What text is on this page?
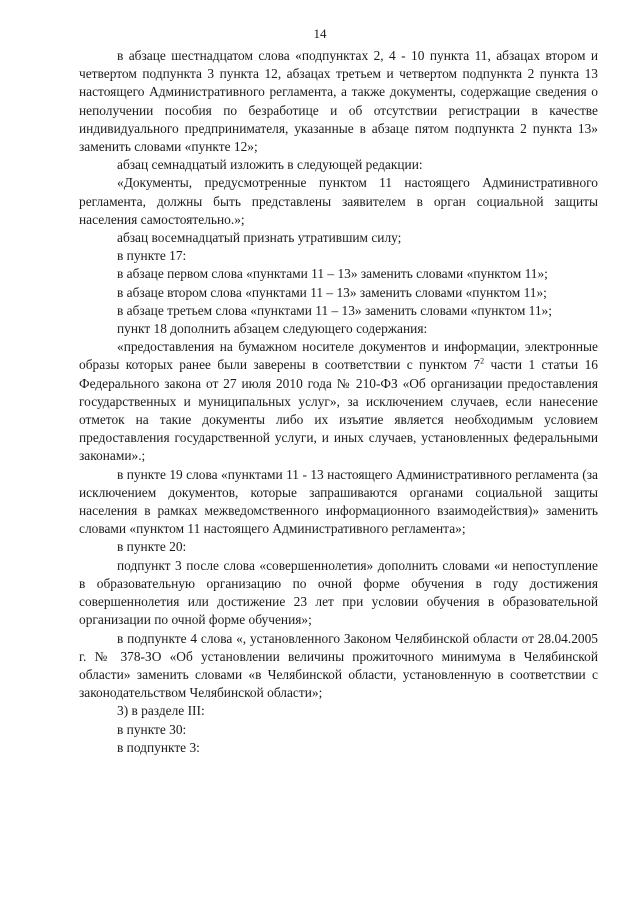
14

в абзаце шестнадцатом слова «подпунктах 2, 4 - 10 пункта 11, абзацах втором и четвертом подпункта 3 пункта 12, абзацах третьем и четвертом подпункта 2 пункта 13 настоящего Административного регламента, а также документы, содержащие сведения о неполучении пособия по безработице и об отсутствии регистрации в качестве индивидуального предпринимателя, указанные в абзаце пятом подпункта 2 пункта 13» заменить словами «пункте 12»;

абзац семнадцатый изложить в следующей редакции:

«Документы, предусмотренные пунктом 11 настоящего Административного регламента, должны быть представлены заявителем в орган социальной защиты населения самостоятельно.»;

абзац восемнадцатый признать утратившим силу;

в пункте 17:

в абзаце первом слова «пунктами 11 – 13» заменить словами «пунктом 11»;

в абзаце втором слова «пунктами 11 – 13» заменить словами «пунктом 11»;

в абзаце третьем слова «пунктами 11 – 13» заменить словами «пунктом 11»;

пункт 18 дополнить абзацем следующего содержания:

«предоставления на бумажном носителе документов и информации, электронные образы которых ранее были заверены в соответствии с пунктом $7^2$ части 1 статьи 16 Федерального закона от 27 июля 2010 года № 210-ФЗ «Об организации предоставления государственных и муниципальных услуг», за исключением случаев, если нанесение отметок на такие документы либо их изъятие является необходимым условием предоставления государственной услуги, и иных случаев, установленных федеральными законами».;

в пункте 19 слова «пунктами 11 - 13 настоящего Административного регламента (за исключением документов, которые запрашиваются органами социальной защиты населения в рамках межведомственного информационного взаимодействия)» заменить словами «пунктом 11 настоящего Административного регламента»;

в пункте 20:

подпункт 3 после слова «совершеннолетия» дополнить словами «и непоступление в образовательную организацию по очной форме обучения в году достижения совершеннолетия или достижение 23 лет при условии обучения в образовательной организации по очной форме обучения»;

в подпункте 4 слова «, установленного Законом Челябинской области от 28.04.2005 г. № 378-ЗО «Об установлении величины прожиточного минимума в Челябинской области» заменить словами «в Челябинской области, установленную в соответствии с законодательством Челябинской области»;

3) в разделе III:

в пункте 30:

в подпункте 3:
